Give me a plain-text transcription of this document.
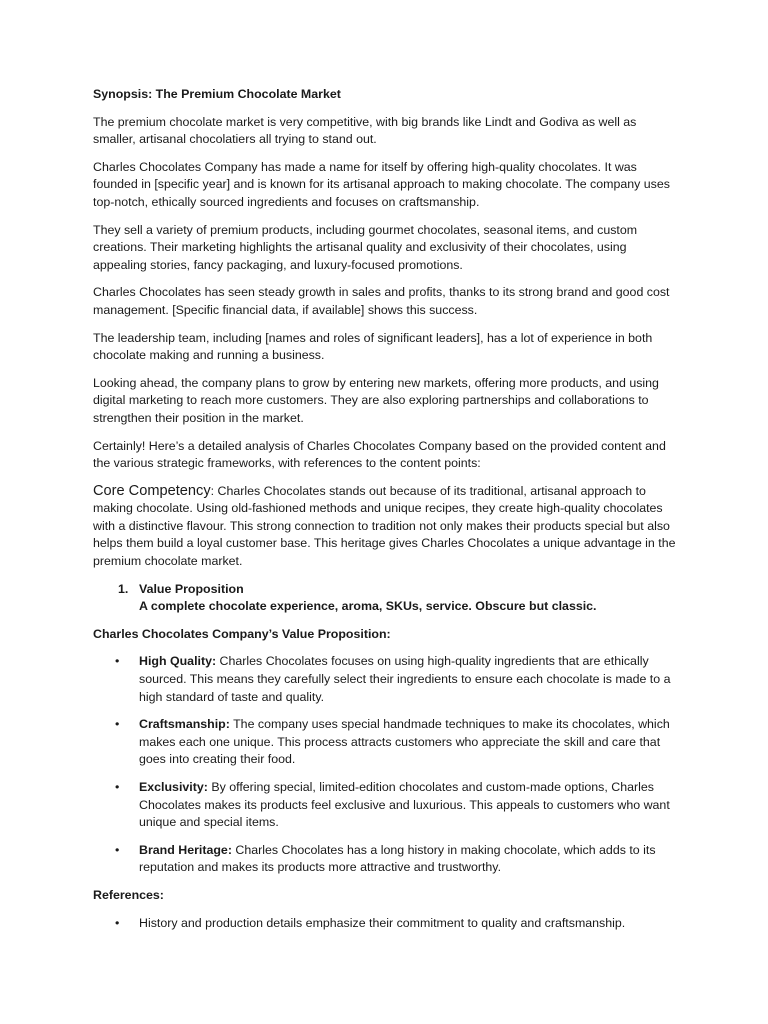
Synopsis: The Premium Chocolate Market

The premium chocolate market is very competitive, with big brands like Lindt and Godiva as well as smaller, artisanal chocolatiers all trying to stand out.

Charles Chocolates Company has made a name for itself by offering high-quality chocolates. It was founded in [specific year] and is known for its artisanal approach to making chocolate. The company uses top-notch, ethically sourced ingredients and focuses on craftsmanship.

They sell a variety of premium products, including gourmet chocolates, seasonal items, and custom creations. Their marketing highlights the artisanal quality and exclusivity of their chocolates, using appealing stories, fancy packaging, and luxury-focused promotions.

Charles Chocolates has seen steady growth in sales and profits, thanks to its strong brand and good cost management. [Specific financial data, if available] shows this success.

The leadership team, including [names and roles of significant leaders], has a lot of experience in both chocolate making and running a business.

Looking ahead, the company plans to grow by entering new markets, offering more products, and using digital marketing to reach more customers. They are also exploring partnerships and collaborations to strengthen their position in the market.

Certainly! Here’s a detailed analysis of Charles Chocolates Company based on the provided content and the various strategic frameworks, with references to the content points:

Core Competency: Charles Chocolates stands out because of its traditional, artisanal approach to making chocolate. Using old-fashioned methods and unique recipes, they create high-quality chocolates with a distinctive flavour. This strong connection to tradition not only makes their products special but also helps them build a loyal customer base. This heritage gives Charles Chocolates a unique advantage in the premium chocolate market.

1. Value Proposition
A complete chocolate experience, aroma, SKUs, service. Obscure but classic.

Charles Chocolates Company’s Value Proposition:

• High Quality: Charles Chocolates focuses on using high-quality ingredients that are ethically sourced. This means they carefully select their ingredients to ensure each chocolate is made to a high standard of taste and quality.
• Craftsmanship: The company uses special handmade techniques to make its chocolates, which makes each one unique. This process attracts customers who appreciate the skill and care that goes into creating their food.
• Exclusivity: By offering special, limited-edition chocolates and custom-made options, Charles Chocolates makes its products feel exclusive and luxurious. This appeals to customers who want unique and special items.
• Brand Heritage: Charles Chocolates has a long history in making chocolate, which adds to its reputation and makes its products more attractive and trustworthy.

References:

• History and production details emphasize their commitment to quality and craftsmanship.
